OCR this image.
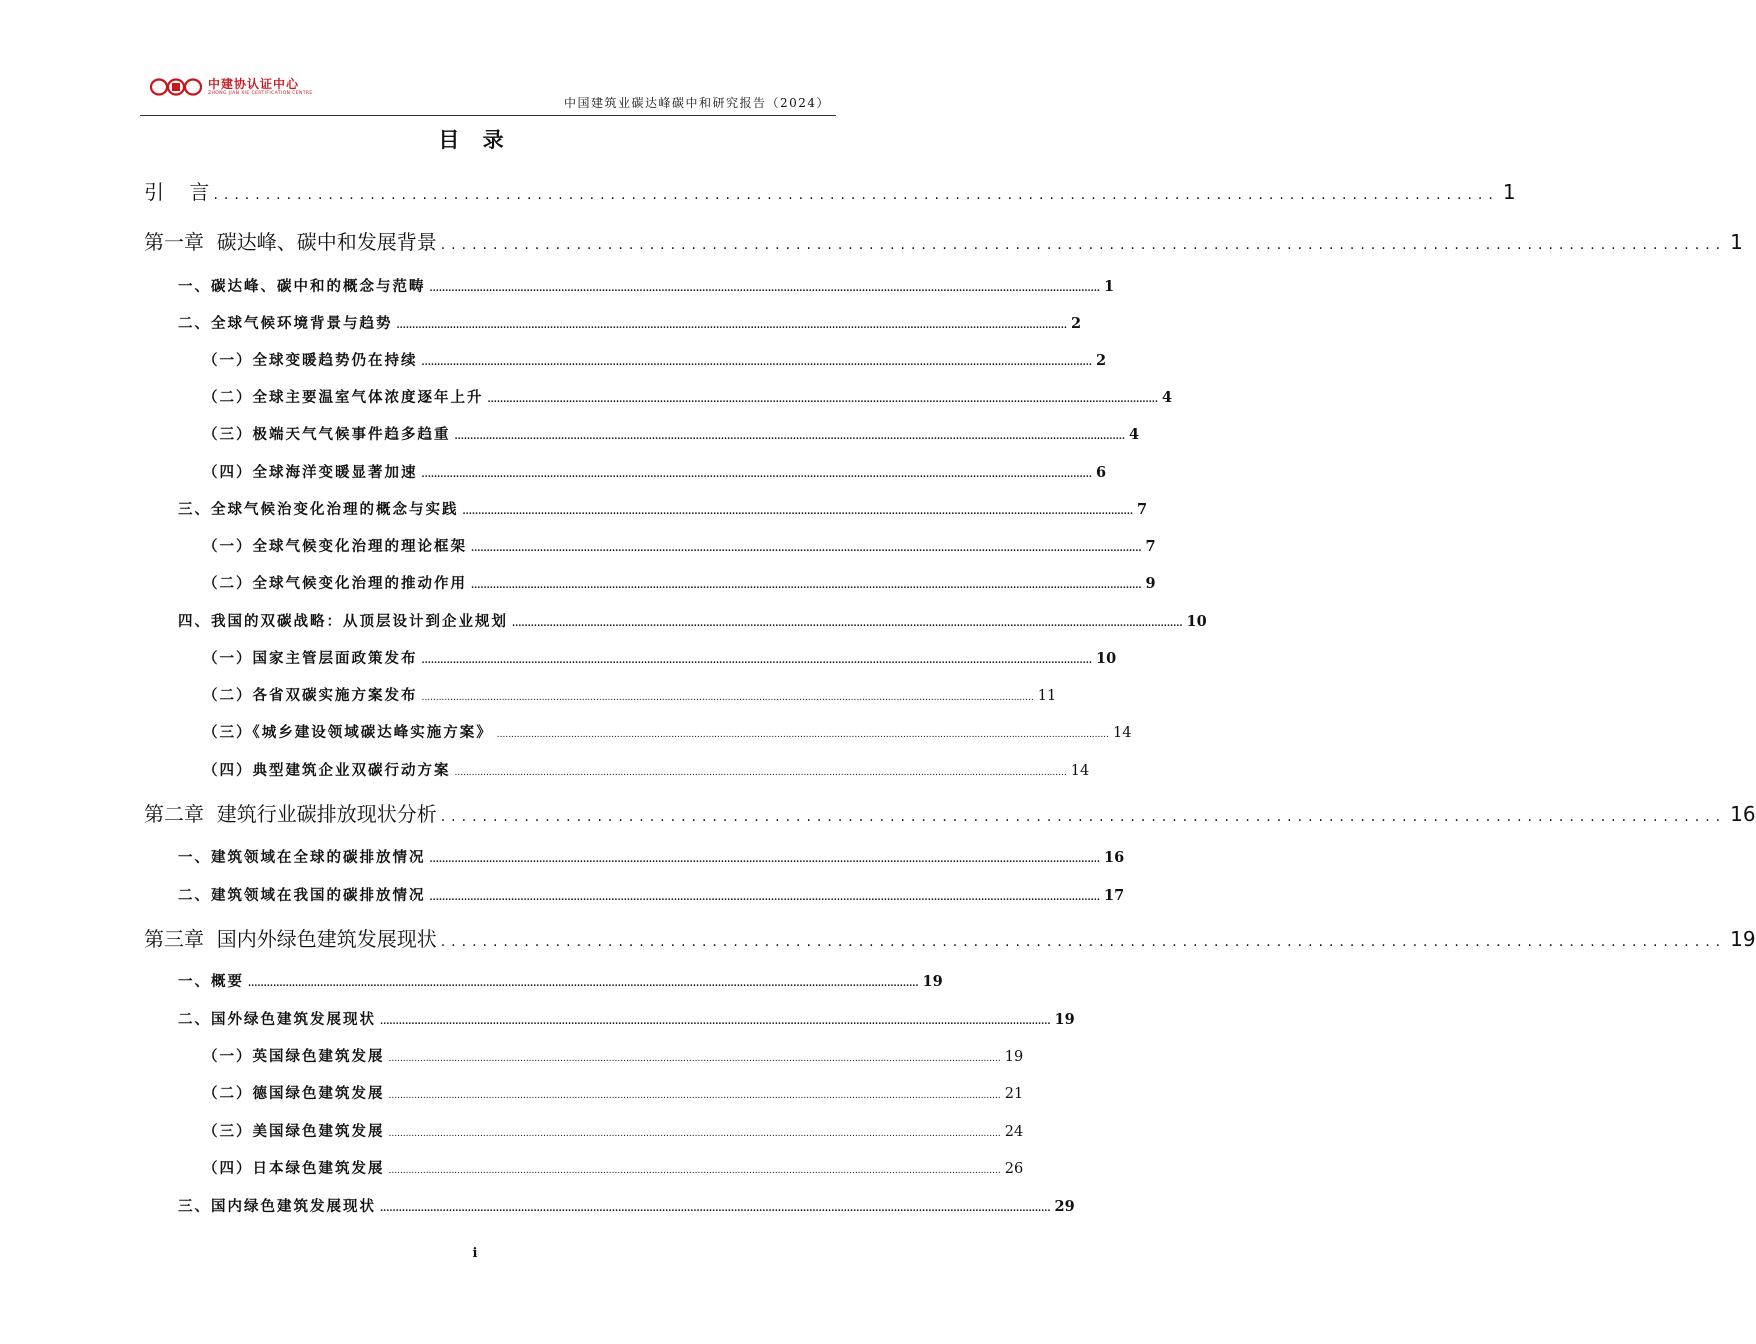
中建协认证中心
ZHONG JIAN XIE CERTIFICATION CENTRE
中国建筑业碳达峰碳中和研究报告（2024）
目 录
引    言 ........................................................................................................................... 1
第一章  碳达峰、碳中和发展背景 ........................................................................................................................... 1
一、碳达峰、碳中和的概念与范畴 ...................................................................................................................................................................................................................... 1
二、全球气候环境背景与趋势 ...................................................................................................................................................................................................................... 2
（一）全球变暖趋势仍在持续 ...................................................................................................................................................................................................................... 2
（二）全球主要温室气体浓度逐年上升 ...................................................................................................................................................................................................................... 4
（三）极端天气气候事件趋多趋重 ...................................................................................................................................................................................................................... 4
（四）全球海洋变暖显著加速 ...................................................................................................................................................................................................................... 6
三、全球气候治变化治理的概念与实践 ...................................................................................................................................................................................................................... 7
（一）全球气候变化治理的理论框架 ...................................................................................................................................................................................................................... 7
（二）全球气候变化治理的推动作用 ...................................................................................................................................................................................................................... 9
四、我国的双碳战略：从顶层设计到企业规划 ...................................................................................................................................................................................................................... 10
（一）国家主管层面政策发布 ...................................................................................................................................................................................................................... 10
（二）各省双碳实施方案发布 ...................................................................................................................................................................................................................... 11
（三）《城乡建设领域碳达峰实施方案》 ...................................................................................................................................................................................................................... 14
（四）典型建筑企业双碳行动方案 ...................................................................................................................................................................................................................... 14
第二章  建筑行业碳排放现状分析 ........................................................................................................................... 16
一、建筑领域在全球的碳排放情况 ...................................................................................................................................................................................................................... 16
二、建筑领域在我国的碳排放情况 ...................................................................................................................................................................................................................... 17
第三章  国内外绿色建筑发展现状 ........................................................................................................................... 19
一、概要 ...................................................................................................................................................................................................................... 19
二、国外绿色建筑发展现状 ...................................................................................................................................................................................................................... 19
（一）英国绿色建筑发展 ...................................................................................................................................................................................................................... 19
（二）德国绿色建筑发展 ...................................................................................................................................................................................................................... 21
（三）美国绿色建筑发展 ...................................................................................................................................................................................................................... 24
（四）日本绿色建筑发展 ...................................................................................................................................................................................................................... 26
三、国内绿色建筑发展现状 ...................................................................................................................................................................................................................... 29
i
